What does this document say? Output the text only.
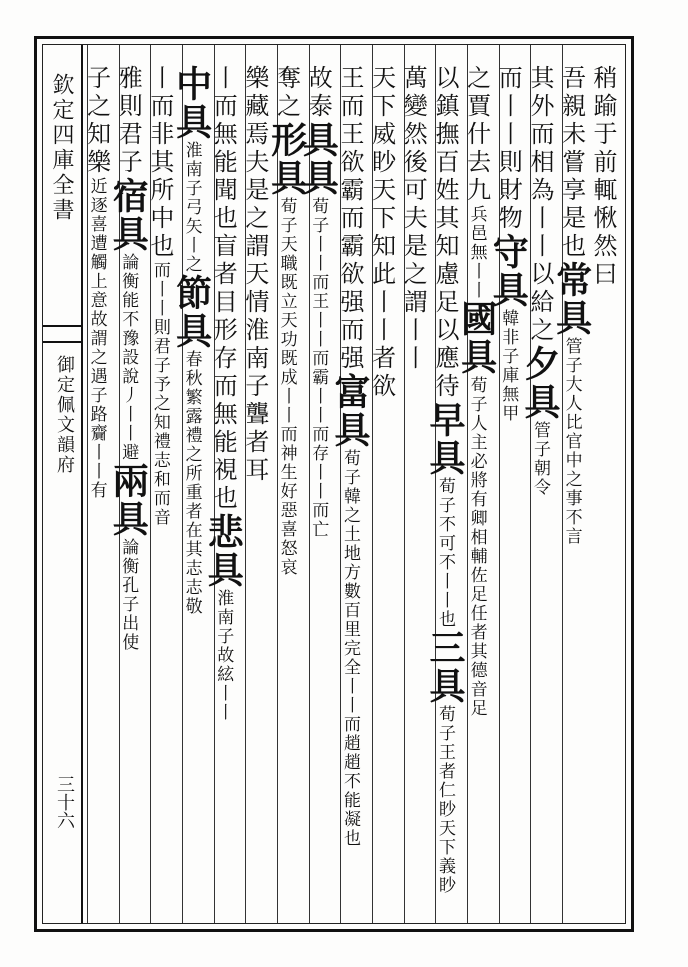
稍踰于前輒愀然曰
吾親未嘗享是也常具管子大人比官中之事不言
其外而相為丨丨以給之夕具管子朝令
而丨丨則財物守具韓非子庫無甲
之賈什去九兵邑無丨丨國具荀子人主必將有卿相輔佐足任者其德音足
以鎮撫百姓其知慮足以應待早具荀子不可不丨丨也三具荀子王者仁眇天下義眇
萬變然後可夫是之謂丨丨
天下威眇天下知此丨丨者欲
王而王欲霸而霸欲强而强富具荀子韓之土地方數百里完全丨丨而趙趙不能凝也
故泰具具荀子丨丨而王丨丨而霸丨丨而存丨丨而亡
奪之形具荀子天職既立天功既成丨丨而神生好惡喜怒哀
樂藏焉夫是之謂天情淮南子聾者耳
丨而無能聞也盲者目形存而無能視也悲具淮南子故絃丨丨
中具淮南子弓矢丨之節具春秋繁露禮之所重者在其志志敬
丨而非其所中也而丨丨則君子予之知禮志和而音
雅則君子宿具論衡能不豫設說丿丨丨避兩具論衡孔子出使
子之知樂近逐喜遭觸上意故謂之遇子路齎丨丨有
欽定四庫全書
御定佩文韻府
三十六
